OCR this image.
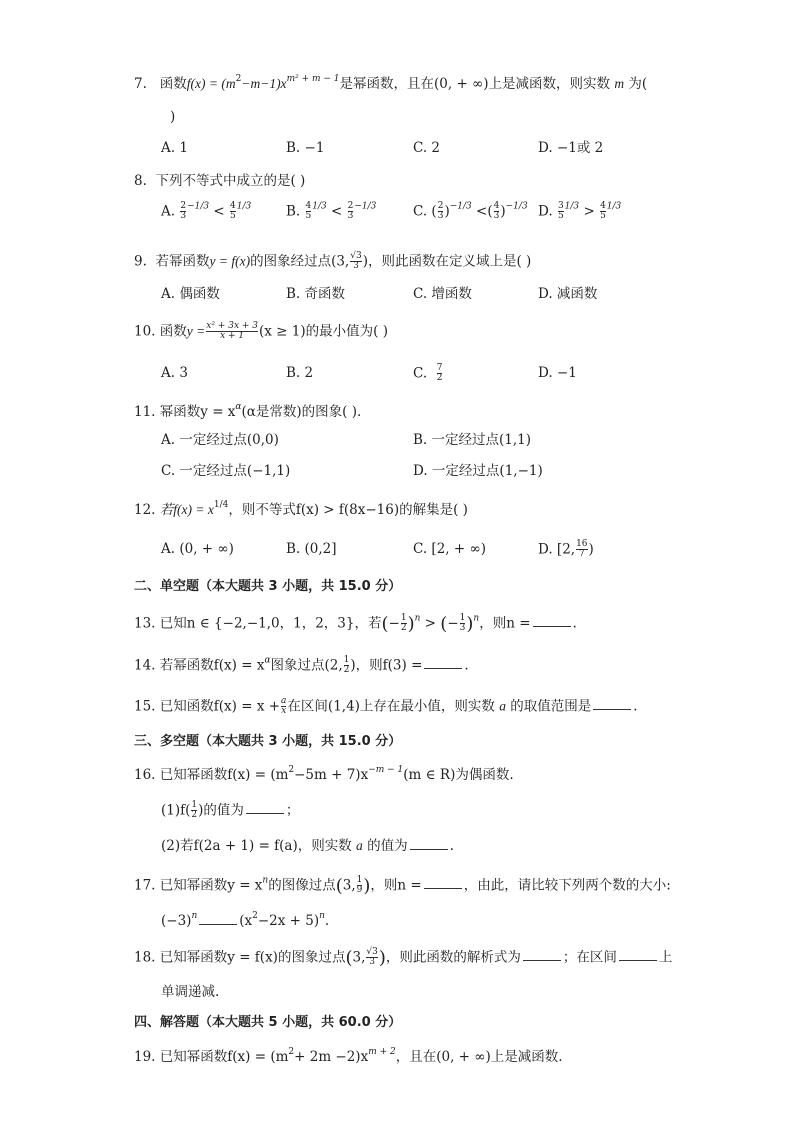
7. 函数$f(x) = (m^2-m-1)x^{m^2 + m - 1}$是幂函数，且在(0, + ∞)上是减函数，则实数 m 为(
)
A. 1	B. −1	C. 2	D. −1或 2
8. 下列不等式中成立的是( )
A. $\frac{2}{3} ^{-1/3} < \frac{4}{5} ^{1/3}$	B. $\frac{4}{5} ^{1/3} < \frac{2}{3} ^{-1/3}$	C. ( $\frac{2}{3} )^{-1/3}$ <( $\frac{4}{3} )^{-1/3}$ D. $\frac{3}{5} ^{1/3} > \frac{4}{5} ^{1/3}$
9. 若幂函数y = f(x)的图象经过点(3, $\frac{√3}{3}$ )，则此函数在定义域上是( )
A. 偶函数	B. 奇函数	C. 增函数	D. 减函数
10. 函数$y = \frac{\text{x² + 3x + 3}}{x + 1} (x \ge 1)$的最小值为( )
A. 3	B. 2	C. $\frac{7}{2}$	D. −1
11. 幂函数$y = x^\alpha(\alpha$是常数)的图象( ).
A. 一定经过点(0,0)	B. 一定经过点(1,1)
C. 一定经过点(−1,1)	D. 一定经过点(1,−1)
12. 若$f(x) = x^{1/4}$，则不等式f(x) > f(8x−16)的解集是( )
A. (0, + ∞)	B. (0,2]	C. [2, + ∞)	D. [2, $\frac{16}{7}$ )
二、单空题（本大题共 3 小题，共 15.0 分）
13. 已知n ∈ {−2,−1,0，1，2，3}，若(− $\frac{1}{2} )^n$ > (− $\frac{1}{3} )^n$，则n =	.
14. 若幂函数$f(x) = x^\alpha$图象过点(2, $\frac{1}{2}$ )，则f(3) =	.
15. 已知函数$f(x) = x + \frac{a}{x}$ 在区间(1,4)上存在最小值，则实数 a 的取值范围是	.
三、多空题（本大题共 3 小题，共 15.0 分）
16. 已知幂函数$f(x) = (m^2-5m + 7)x^{-m - 1}(m$ ∈ R)为偶函数.
$(1)f( \frac{1}{2}$ )的值为	；
(2)若f(2a + 1) = f(a)，则实数 a 的值为	.
17. 已知幂函数$y = x^n$的图像过点(3, $\frac{1}{9}$ )，则n =	，由此，请比较下列两个数的大小:
$(-3)^n$	$(x^2-2x + 5)^n$.
18. 已知幂函数y = f(x)的图象过点(3, $\frac{√3}{3}$ )，则此函数的解析式为	；在区间	上
单调递减.
四、解答题（本大题共 5 小题，共 60.0 分）
19. 已知幂函数$f(x) = (m^2+ 2m -2)x^{m + 2}$，且在(0, + ∞)上是减函数.
